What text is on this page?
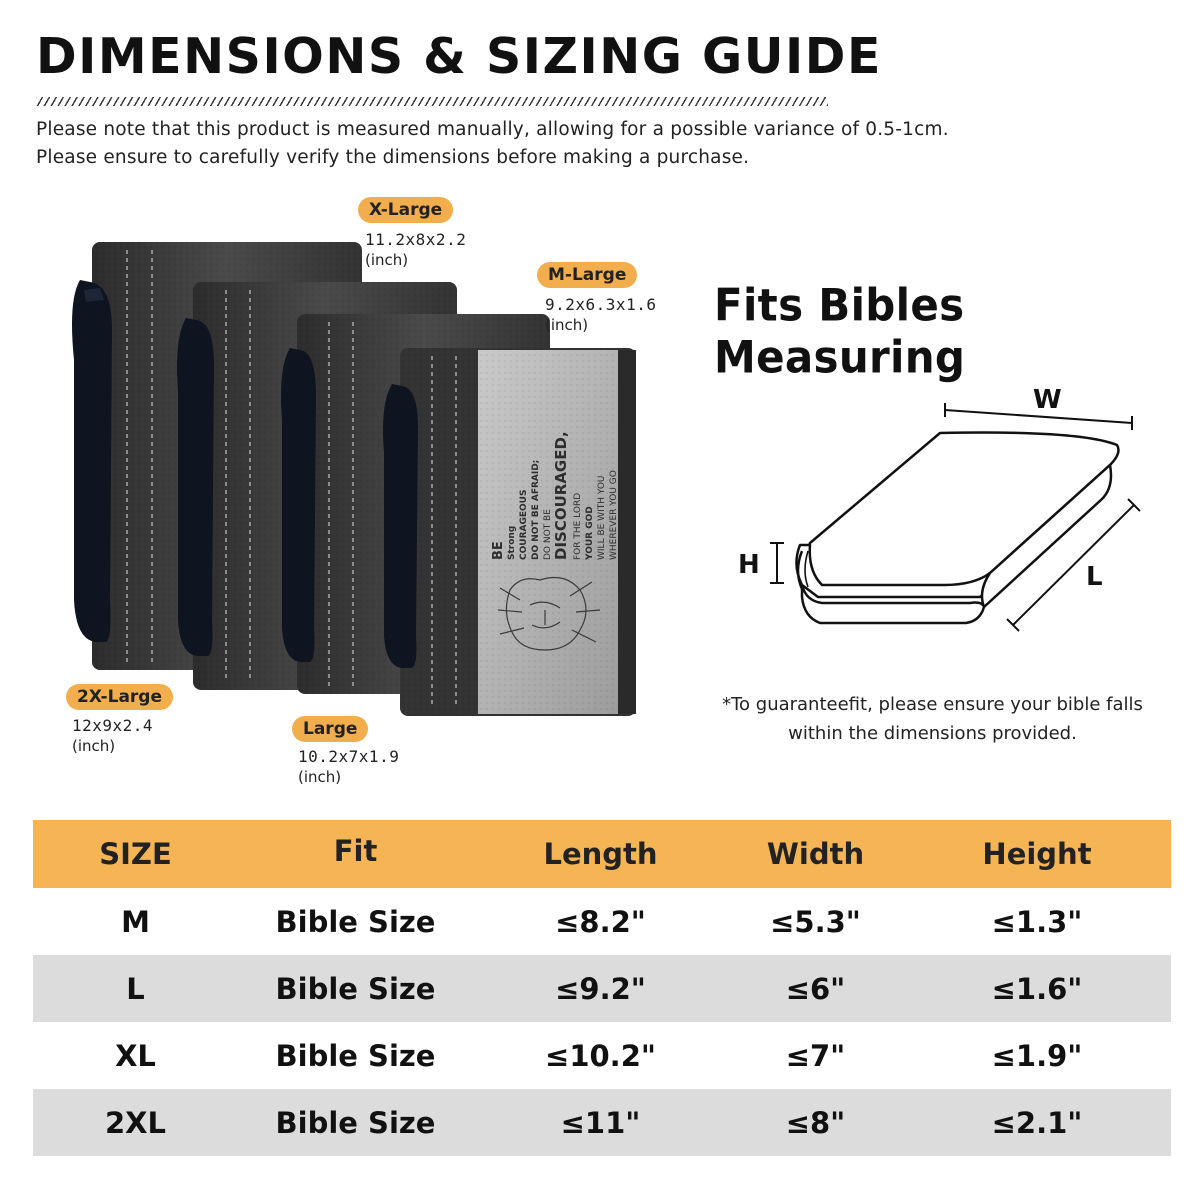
DIMENSIONS & SIZING GUIDE
Please note that this product is measured manually, allowing for a possible variance of 0.5-1cm.
Please ensure to carefully verify the dimensions before making a purchase.
BE Strong COURAGEOUS DO NOT BE AFRAID; DO NOT BE DISCOURAGED, FOR THE LORD YOUR GOD WILL BE WITH YOU WHEREVER YOU GO
X-Large
11.2x8x2.2
(inch)
M-Large
9.2x6.3x1.6
(inch)
2X-Large
12x9x2.4
(inch)
Large
10.2x7x1.9
(inch)
Fits Bibles Measuring
W
H	L
*To guaranteefit, please ensure your bible falls
within the dimensions provided.
SIZE	Fit	Length	Width	Height
M	Bible Size	≤8.2"	≤5.3"	≤1.3"
L	Bible Size	≤9.2"	≤6"	≤1.6"
XL	Bible Size	≤10.2"	≤7"	≤1.9"
2XL	Bible Size	≤11"	≤8"	≤2.1"
